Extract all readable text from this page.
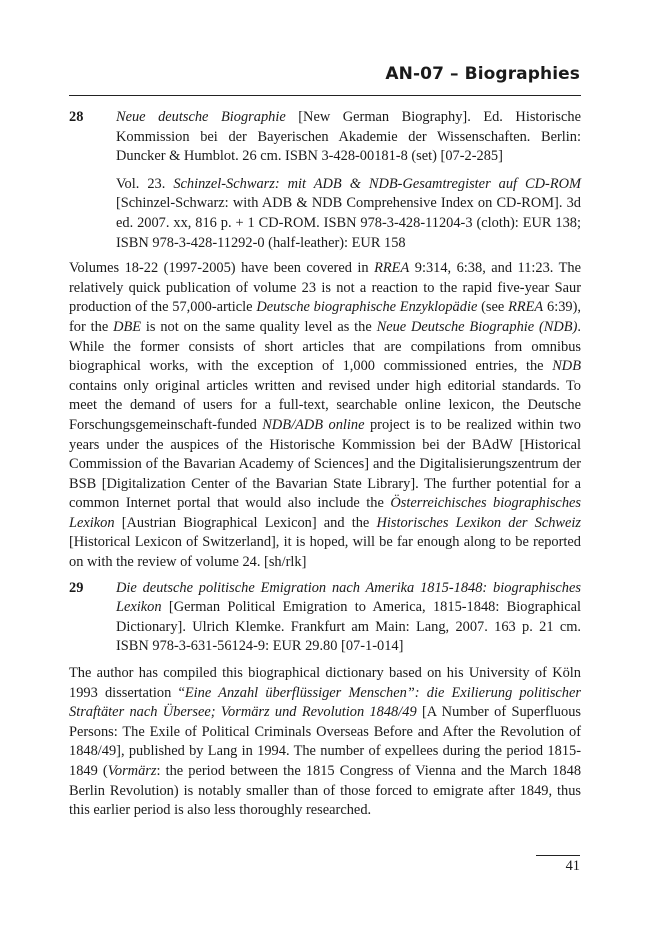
AN-07 – Biographies
28 Neue deutsche Biographie [New German Biography]. Ed. Historische Kommission bei der Bayerischen Akademie der Wissenschaften. Berlin: Duncker & Humblot. 26 cm. ISBN 3-428-00181-8 (set) [07-2-285]

Vol. 23. Schinzel-Schwarz: mit ADB & NDB-Gesamtregister auf CD-ROM [Schinzel-Schwarz: with ADB & NDB Comprehensive Index on CD-ROM]. 3d ed. 2007. xx, 816 p. + 1 CD-ROM. ISBN 978-3-428-11204-3 (cloth): EUR 138; ISBN 978-3-428-11292-0 (half-leather): EUR 158

Volumes 18-22 (1997-2005) have been covered in RREA 9:314, 6:38, and 11:23. The relatively quick publication of volume 23 is not a reaction to the rapid five-year Saur production of the 57,000-article Deutsche biographische Enzyklopädie (see RREA 6:39), for the DBE is not on the same quality level as the Neue Deutsche Biographie (NDB). While the former consists of short articles that are compilations from omnibus biographical works, with the exception of 1,000 commissioned entries, the NDB contains only original articles written and revised under high editorial standards. To meet the demand of users for a full-text, searchable online lexicon, the Deutsche Forschungsgemeinschaft-funded NDB/ADB online project is to be realized within two years under the auspices of the Historische Kommission bei der BAdW [Historical Commission of the Bavarian Academy of Sciences] and the Digitalisierungszentrum der BSB [Digitalization Center of the Bavarian State Library]. The further potential for a common Internet portal that would also include the Österreichisches biographisches Lexikon [Austrian Biographical Lexicon] and the Historisches Lexikon der Schweiz [Historical Lexicon of Switzerland], it is hoped, will be far enough along to be reported on with the review of volume 24. [sh/rlk]

29 Die deutsche politische Emigration nach Amerika 1815-1848: biographisches Lexikon [German Political Emigration to America, 1815-1848: Biographical Dictionary]. Ulrich Klemke. Frankfurt am Main: Lang, 2007. 163 p. 21 cm. ISBN 978-3-631-56124-9: EUR 29.80 [07-1-014]

The author has compiled this biographical dictionary based on his University of Köln 1993 dissertation “Eine Anzahl überflüssiger Menschen”: die Exilierung politischer Straftäter nach Übersee; Vormärz und Revolution 1848/49 [A Number of Superfluous Persons: The Exile of Political Criminals Overseas Before and After the Revolution of 1848/49], published by Lang in 1994. The number of expellees during the period 1815-1849 (Vormärz: the period between the 1815 Congress of Vienna and the March 1848 Berlin Revolution) is notably smaller than of those forced to emigrate after 1849, thus this earlier period is also less thoroughly researched.

41
